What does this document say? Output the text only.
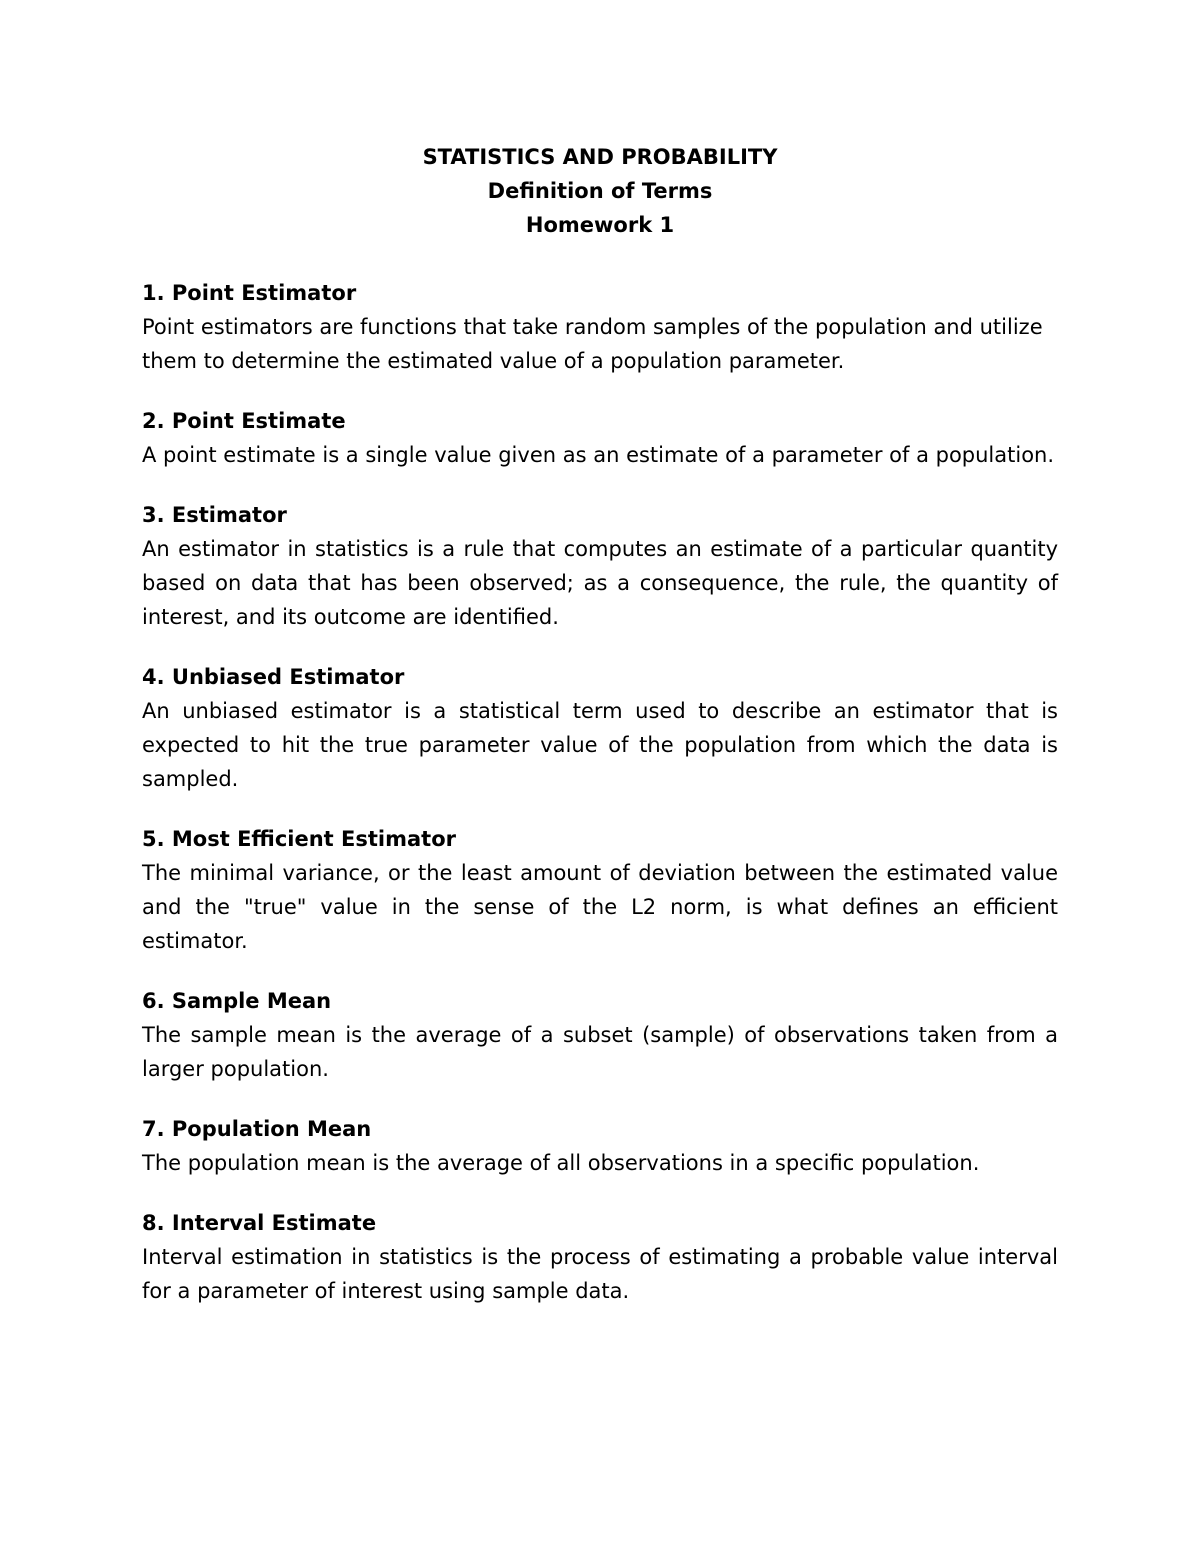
STATISTICS AND PROBABILITY
Definition of Terms
Homework 1
1. Point Estimator
Point estimators are functions that take random samples of the population and utilize them to determine the estimated value of a population parameter.
2. Point Estimate
A point estimate is a single value given as an estimate of a parameter of a population.
3. Estimator
An estimator in statistics is a rule that computes an estimate of a particular quantity based on data that has been observed; as a consequence, the rule, the quantity of interest, and its outcome are identified.
4. Unbiased Estimator
An unbiased estimator is a statistical term used to describe an estimator that is expected to hit the true parameter value of the population from which the data is sampled.
5. Most Efficient Estimator
The minimal variance, or the least amount of deviation between the estimated value and the "true" value in the sense of the L2 norm, is what defines an efficient estimator.
6. Sample Mean
The sample mean is the average of a subset (sample) of observations taken from a larger population.
7. Population Mean
The population mean is the average of all observations in a specific population.
8. Interval Estimate
Interval estimation in statistics is the process of estimating a probable value interval for a parameter of interest using sample data.
